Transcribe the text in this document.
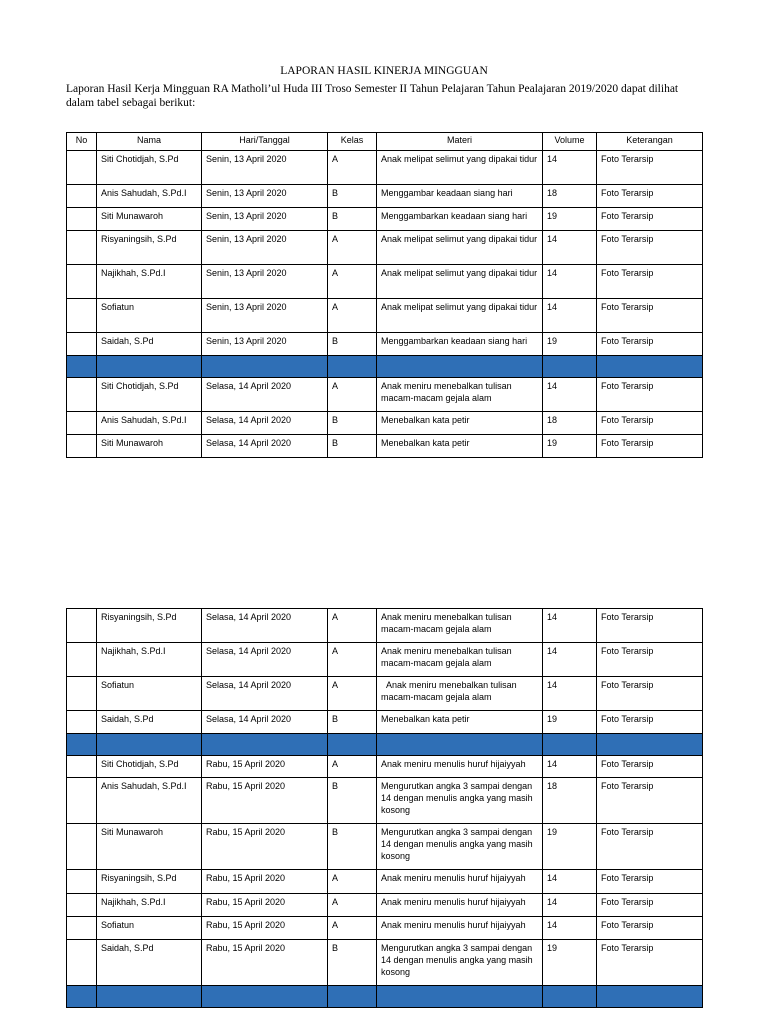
LAPORAN HASIL KINERJA MINGGUAN
Laporan Hasil Kerja Mingguan RA Matholi’ul Huda III Troso Semester II Tahun Pelajaran Tahun Pealajaran 2019/2020 dapat dilihat dalam tabel sebagai berikut:
No	Nama	Hari/Tanggal	Kelas	Materi	Volume	Keterangan
	Siti Chotidjah, S.Pd	Senin, 13 April 2020	A	Anak melipat selimut yang dipakai tidur	14	Foto Terarsip
	Anis Sahudah, S.Pd.I	Senin, 13 April 2020	B	Menggambar keadaan siang hari	18	Foto Terarsip
	Siti Munawaroh	Senin, 13 April 2020	B	Menggambarkan keadaan siang hari	19	Foto Terarsip
	Risyaningsih, S.Pd	Senin, 13 April 2020	A	Anak melipat selimut yang dipakai tidur	14	Foto Terarsip
	Najikhah, S.Pd.I	Senin, 13 April 2020	A	Anak melipat selimut yang dipakai tidur	14	Foto Terarsip
	Sofiatun	Senin, 13 April 2020	A	Anak melipat selimut yang dipakai tidur	14	Foto Terarsip
	Saidah, S.Pd	Senin, 13 April 2020	B	Menggambarkan keadaan siang hari	19	Foto Terarsip

	Siti Chotidjah, S.Pd	Selasa, 14 April 2020	A	Anak meniru menebalkan tulisan macam-macam gejala alam	14	Foto Terarsip
	Anis Sahudah, S.Pd.I	Selasa, 14 April 2020	B	Menebalkan kata petir	18	Foto Terarsip
	Siti Munawaroh	Selasa, 14 April 2020	B	Menebalkan kata petir	19	Foto Terarsip
	Risyaningsih, S.Pd	Selasa, 14 April 2020	A	Anak meniru menebalkan tulisan macam-macam gejala alam	14	Foto Terarsip
	Najikhah, S.Pd.I	Selasa, 14 April 2020	A	Anak meniru menebalkan tulisan macam-macam gejala alam	14	Foto Terarsip
	Sofiatun	Selasa, 14 April 2020	A	Anak meniru menebalkan tulisan macam-macam gejala alam	14	Foto Terarsip
	Saidah, S.Pd	Selasa, 14 April 2020	B	Menebalkan kata petir	19	Foto Terarsip

	Siti Chotidjah, S.Pd	Rabu, 15 April 2020	A	Anak meniru menulis huruf hijaiyyah	14	Foto Terarsip
	Anis Sahudah, S.Pd.I	Rabu, 15 April 2020	B	Mengurutkan angka 3 sampai dengan 14 dengan menulis angka yang masih kosong	18	Foto Terarsip
	Siti Munawaroh	Rabu, 15 April 2020	B	Mengurutkan angka 3 sampai dengan 14 dengan menulis angka yang masih kosong	19	Foto Terarsip
	Risyaningsih, S.Pd	Rabu, 15 April 2020	A	Anak meniru menulis huruf hijaiyyah	14	Foto Terarsip
	Najikhah, S.Pd.I	Rabu, 15 April 2020	A	Anak meniru menulis huruf hijaiyyah	14	Foto Terarsip
	Sofiatun	Rabu, 15 April 2020	A	Anak meniru menulis huruf hijaiyyah	14	Foto Terarsip
	Saidah, S.Pd	Rabu, 15 April 2020	B	Mengurutkan angka 3 sampai dengan 14 dengan menulis angka yang masih kosong	19	Foto Terarsip
